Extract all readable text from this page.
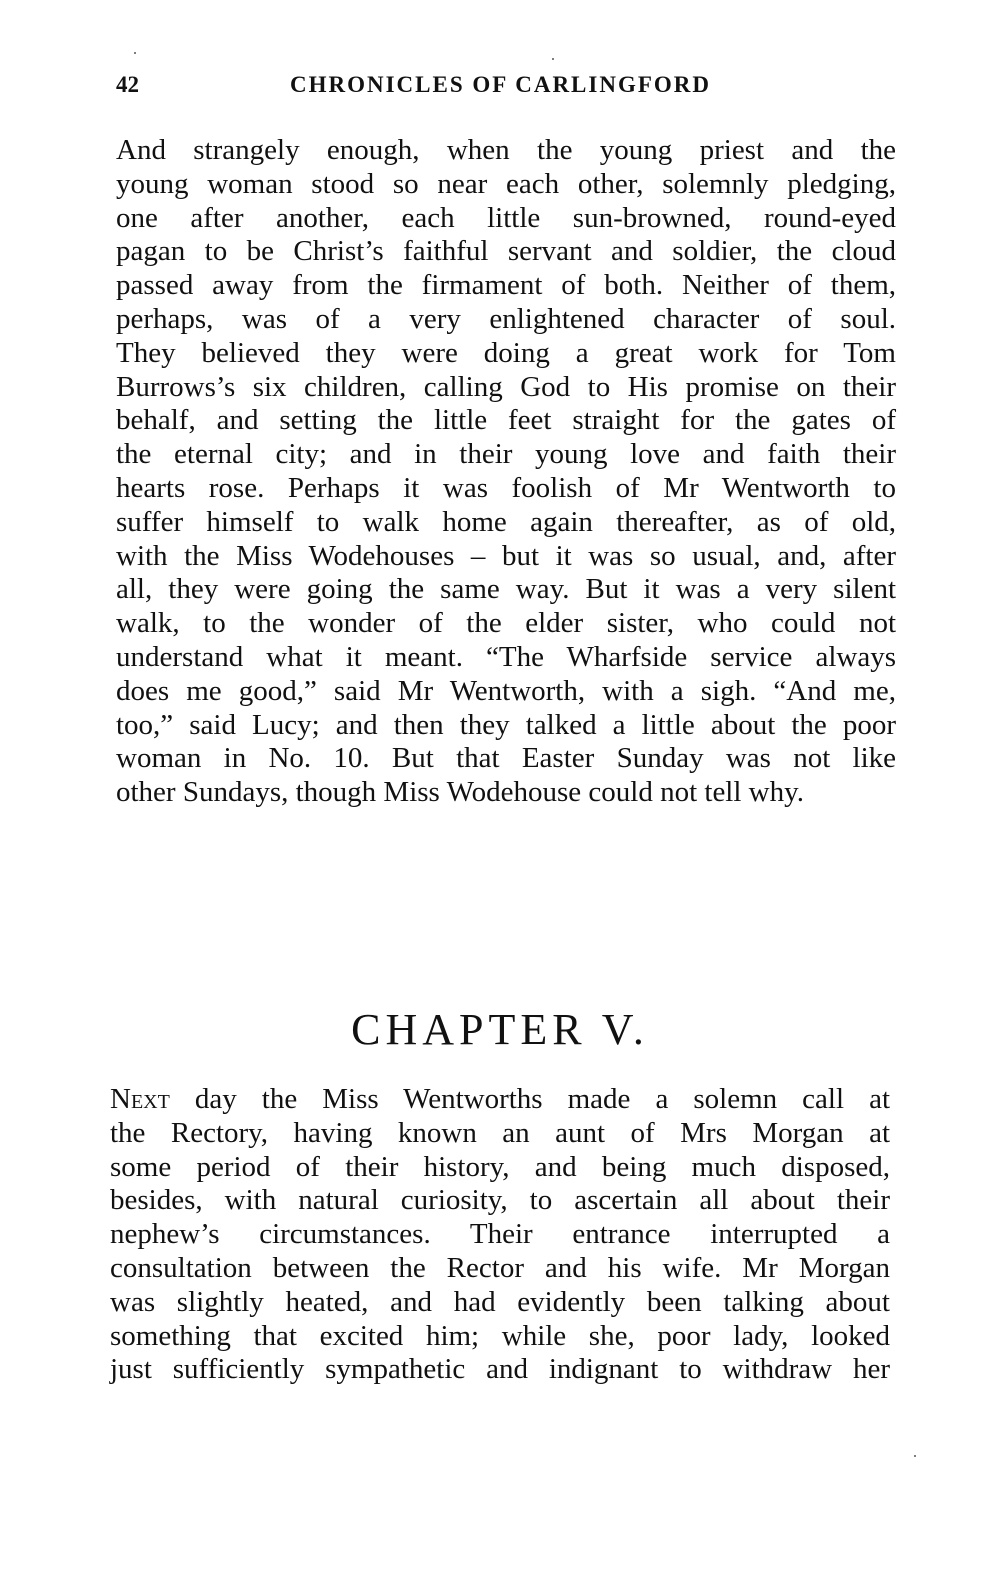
42	CHRONICLES OF CARLINGFORD

And strangely enough, when the young priest and the

young woman stood so near each other, solemnly pledging,

one after another, each little sun-browned, round-eyed

pagan to be Christ’s faithful servant and soldier, the cloud

passed away from the firmament of both. Neither of them,

perhaps, was of a very enlightened character of soul.

They believed they were doing a great work for Tom

Burrows’s six children, calling God to His promise on their

behalf, and setting the little feet straight for the gates of

the eternal city; and in their young love and faith their

hearts rose. Perhaps it was foolish of Mr Wentworth to

suffer himself to walk home again thereafter, as of old,

with the Miss Wodehouses – but it was so usual, and, after

all, they were going the same way. But it was a very silent

walk, to the wonder of the elder sister, who could not

understand what it meant. “The Wharfside service always

does me good,” said Mr Wentworth, with a sigh. “And me,

too,” said Lucy; and then they talked a little about the poor

woman in No. 10. But that Easter Sunday was not like

other Sundays, though Miss Wodehouse could not tell why.

CHAPTER V.

Next day the Miss Wentworths made a solemn call at

the Rectory, having known an aunt of Mrs Morgan at

some period of their history, and being much disposed,

besides, with natural curiosity, to ascertain all about their

nephew’s circumstances. Their entrance interrupted a

consultation between the Rector and his wife. Mr Morgan

was slightly heated, and had evidently been talking about

something that excited him; while she, poor lady, looked

just sufficiently sympathetic and indignant to withdraw her
